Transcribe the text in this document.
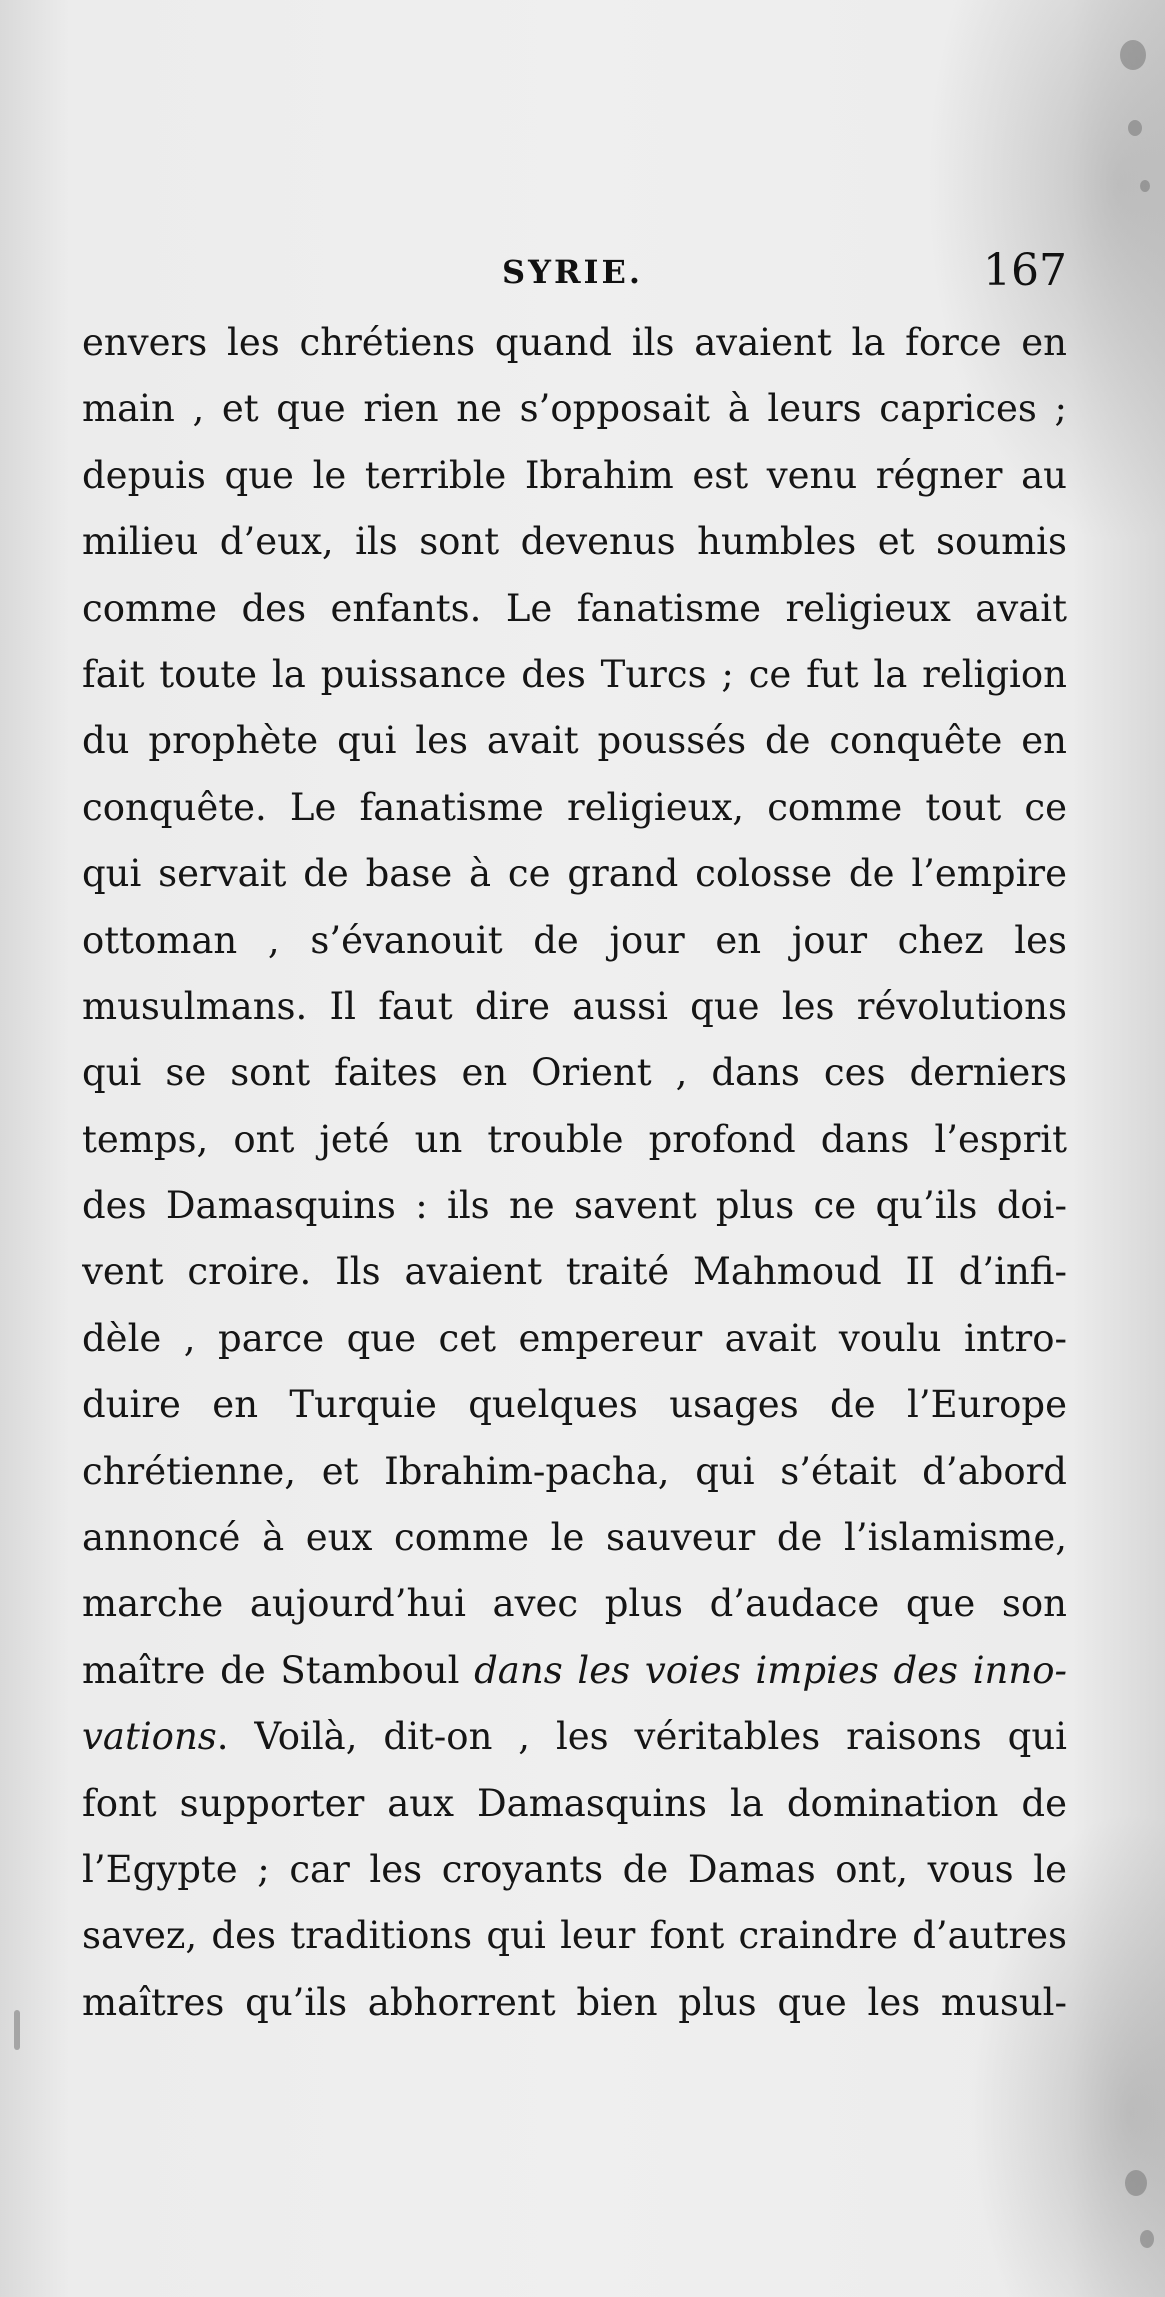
SYRIE.	167
envers les chrétiens quand ils avaient la force en
main , et que rien ne s’opposait à leurs caprices ;
depuis que le terrible Ibrahim est venu régner au
milieu d’eux, ils sont devenus humbles et soumis
comme des enfants. Le fanatisme religieux avait
fait toute la puissance des Turcs ; ce fut la religion
du prophète qui les avait poussés de conquête en
conquête. Le fanatisme religieux, comme tout ce
qui servait de base à ce grand colosse de l’empire
ottoman , s’évanouit de jour en jour chez les
musulmans. Il faut dire aussi que les révolutions
qui se sont faites en Orient , dans ces derniers
temps, ont jeté un trouble profond dans l’esprit
des Damasquins : ils ne savent plus ce qu’ils doi-
vent croire. Ils avaient traité Mahmoud II d’infi-
dèle , parce que cet empereur avait voulu intro-
duire en Turquie quelques usages de l’Europe
chrétienne, et Ibrahim-pacha, qui s’était d’abord
annoncé à eux comme le sauveur de l’islamisme,
marche aujourd’hui avec plus d’audace que son
maître de Stamboul dans les voies impies des inno-
vations. Voilà, dit-on , les véritables raisons qui
font supporter aux Damasquins la domination de
l’Egypte ; car les croyants de Damas ont, vous le
savez, des traditions qui leur font craindre d’autres
maîtres qu’ils abhorrent bien plus que les musul-
